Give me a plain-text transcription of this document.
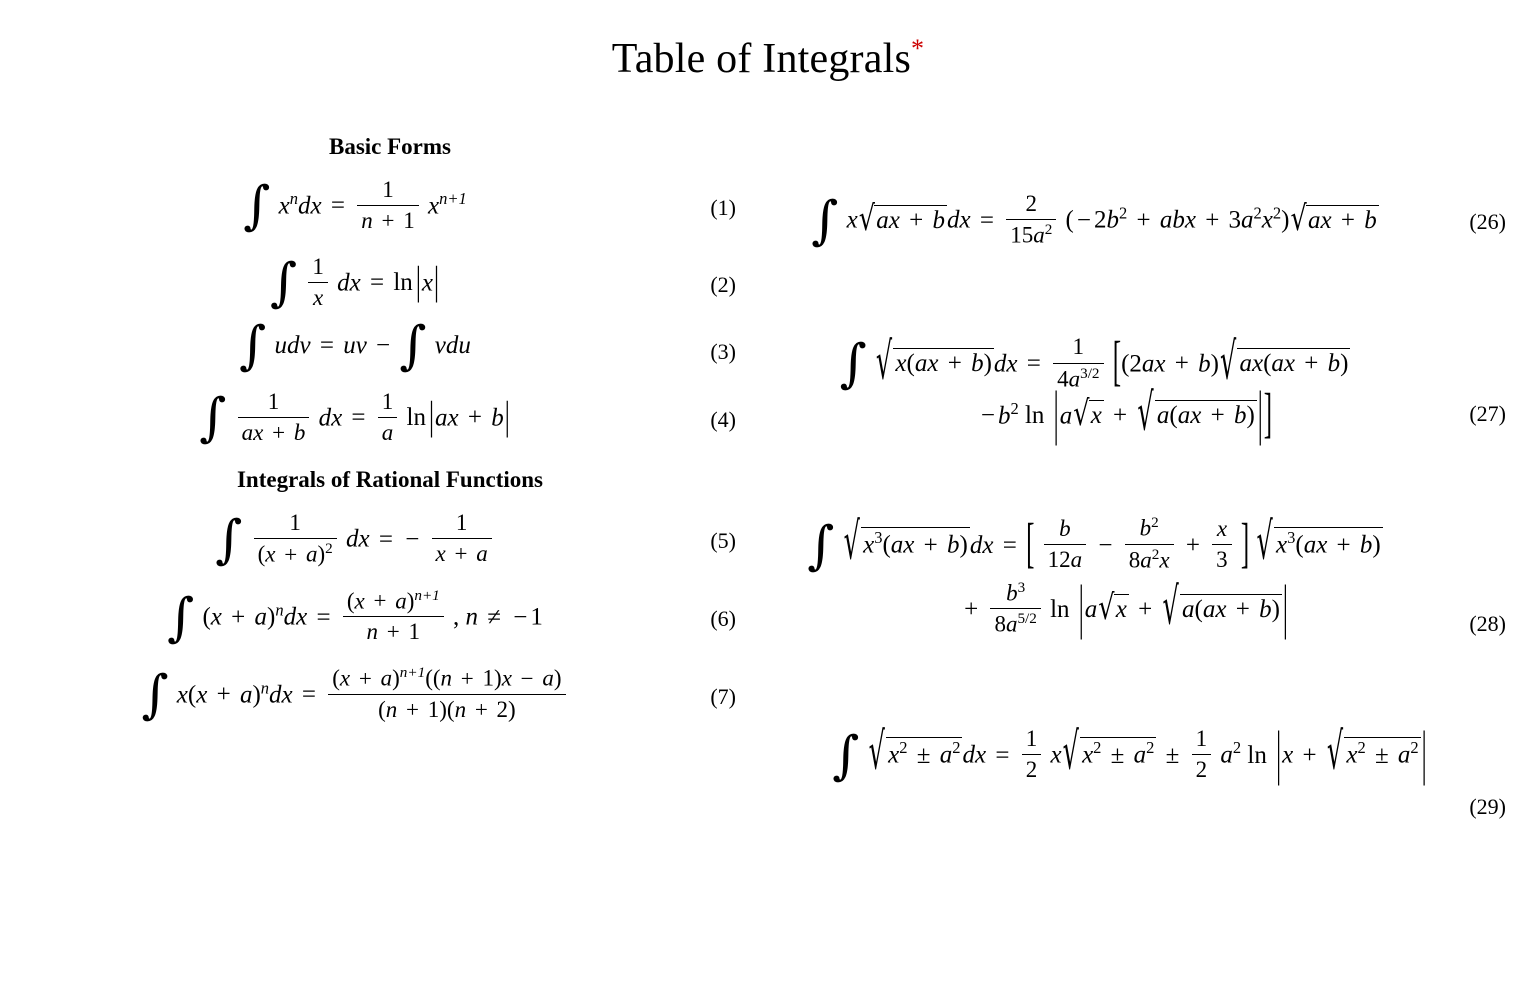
Table of Integrals*
Basic Forms
∫ $x^ndx = \frac{1}{n + 1} x^{n+1}$	(1)
∫ $\frac{1}{x}$ dx = ln |x|	(2)
∫ udv = uv − ∫ vdu	(3)
∫ $\frac{1}{ax + b}$ dx = $\frac{1}{a}$ ln |ax + b|	(4)
Integrals of Rational Functions
∫ $\frac{1}{(x + a)^2}$ dx = − $\frac{1}{x + a}$	(5)
∫ $(x + a)^ndx = \frac{(x + a)^{n+1}}{n + 1}$ , n ≠ − 1	(6)
∫ $x(x + a)^ndx = \frac{(x + a)^{n+1}((n + 1)x - a)}{(n + 1)(n + 2)}$	(7)
∫ x √ ax + bdx = $\frac{2}{15a^2}$ ( − $2b^2$ + abx + $3a^2x^2$) √ ax + b	(26)
∫ √ $x(ax + b)dx = \frac{1}{4a^{3/2}} [(2ax + b)$ √ ax(ax + b)
− $b^2$ ln |a √ x + √ a(ax + b) |]	(27)
∫ √ $x^3(ax + b)dx$ = [ $\frac{b}{12a} - \frac{b^2}{8a^2x} + \frac{x}{3}$ ] √ $x^3(ax + b)$
+ $\frac{b^3}{8a^{5/2}}$ ln |a √ x + √ a(ax + b) |	(28)
∫ √ $x^2 \pm a^2dx = \frac{1}{2}$ x √ $x^2 \pm a^2 \pm \frac{1}{2} a^2$ ln |x + √ $x^2 \pm a^2$ |
(29)
